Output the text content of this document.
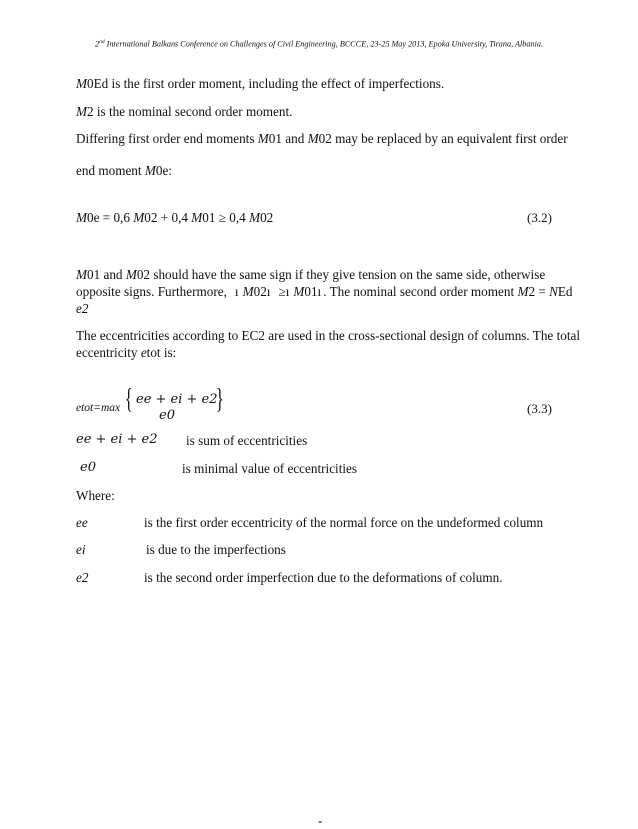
2nd International Balkans Conference on Challenges of Civil Engineering, BCCCE, 23-25 May 2013, Epoka University, Tirana, Albania.
M0Ed is the first order moment, including the effect of imperfections.
M2 is the nominal second order moment.
Differing first order end moments M01 and M02 may be replaced by an equivalent first order
end moment M0e:
M0e = 0,6 M02 + 0,4 M01 ≥ 0,4 M02	(3.2)
M01 and M02 should have the same sign if they give tension on the same side, otherwise
opposite signs. Furthermore, ı M02ı ≥ı M01ı . The nominal second order moment M2 = NEd
e2
The eccentricities according to EC2 are used in the cross-sectional design of columns. The total
eccentricity etot is:
etot=max { ee + ei + e2
e0
}	(3.3)
ee + ei + e2 is sum of eccentricities
e0	is minimal value of eccentricities
Where:
ee	is the first order eccentricity of the normal force on the undeformed column
ei	is due to the imperfections
e2	is the second order imperfection due to the deformations of column.
-
